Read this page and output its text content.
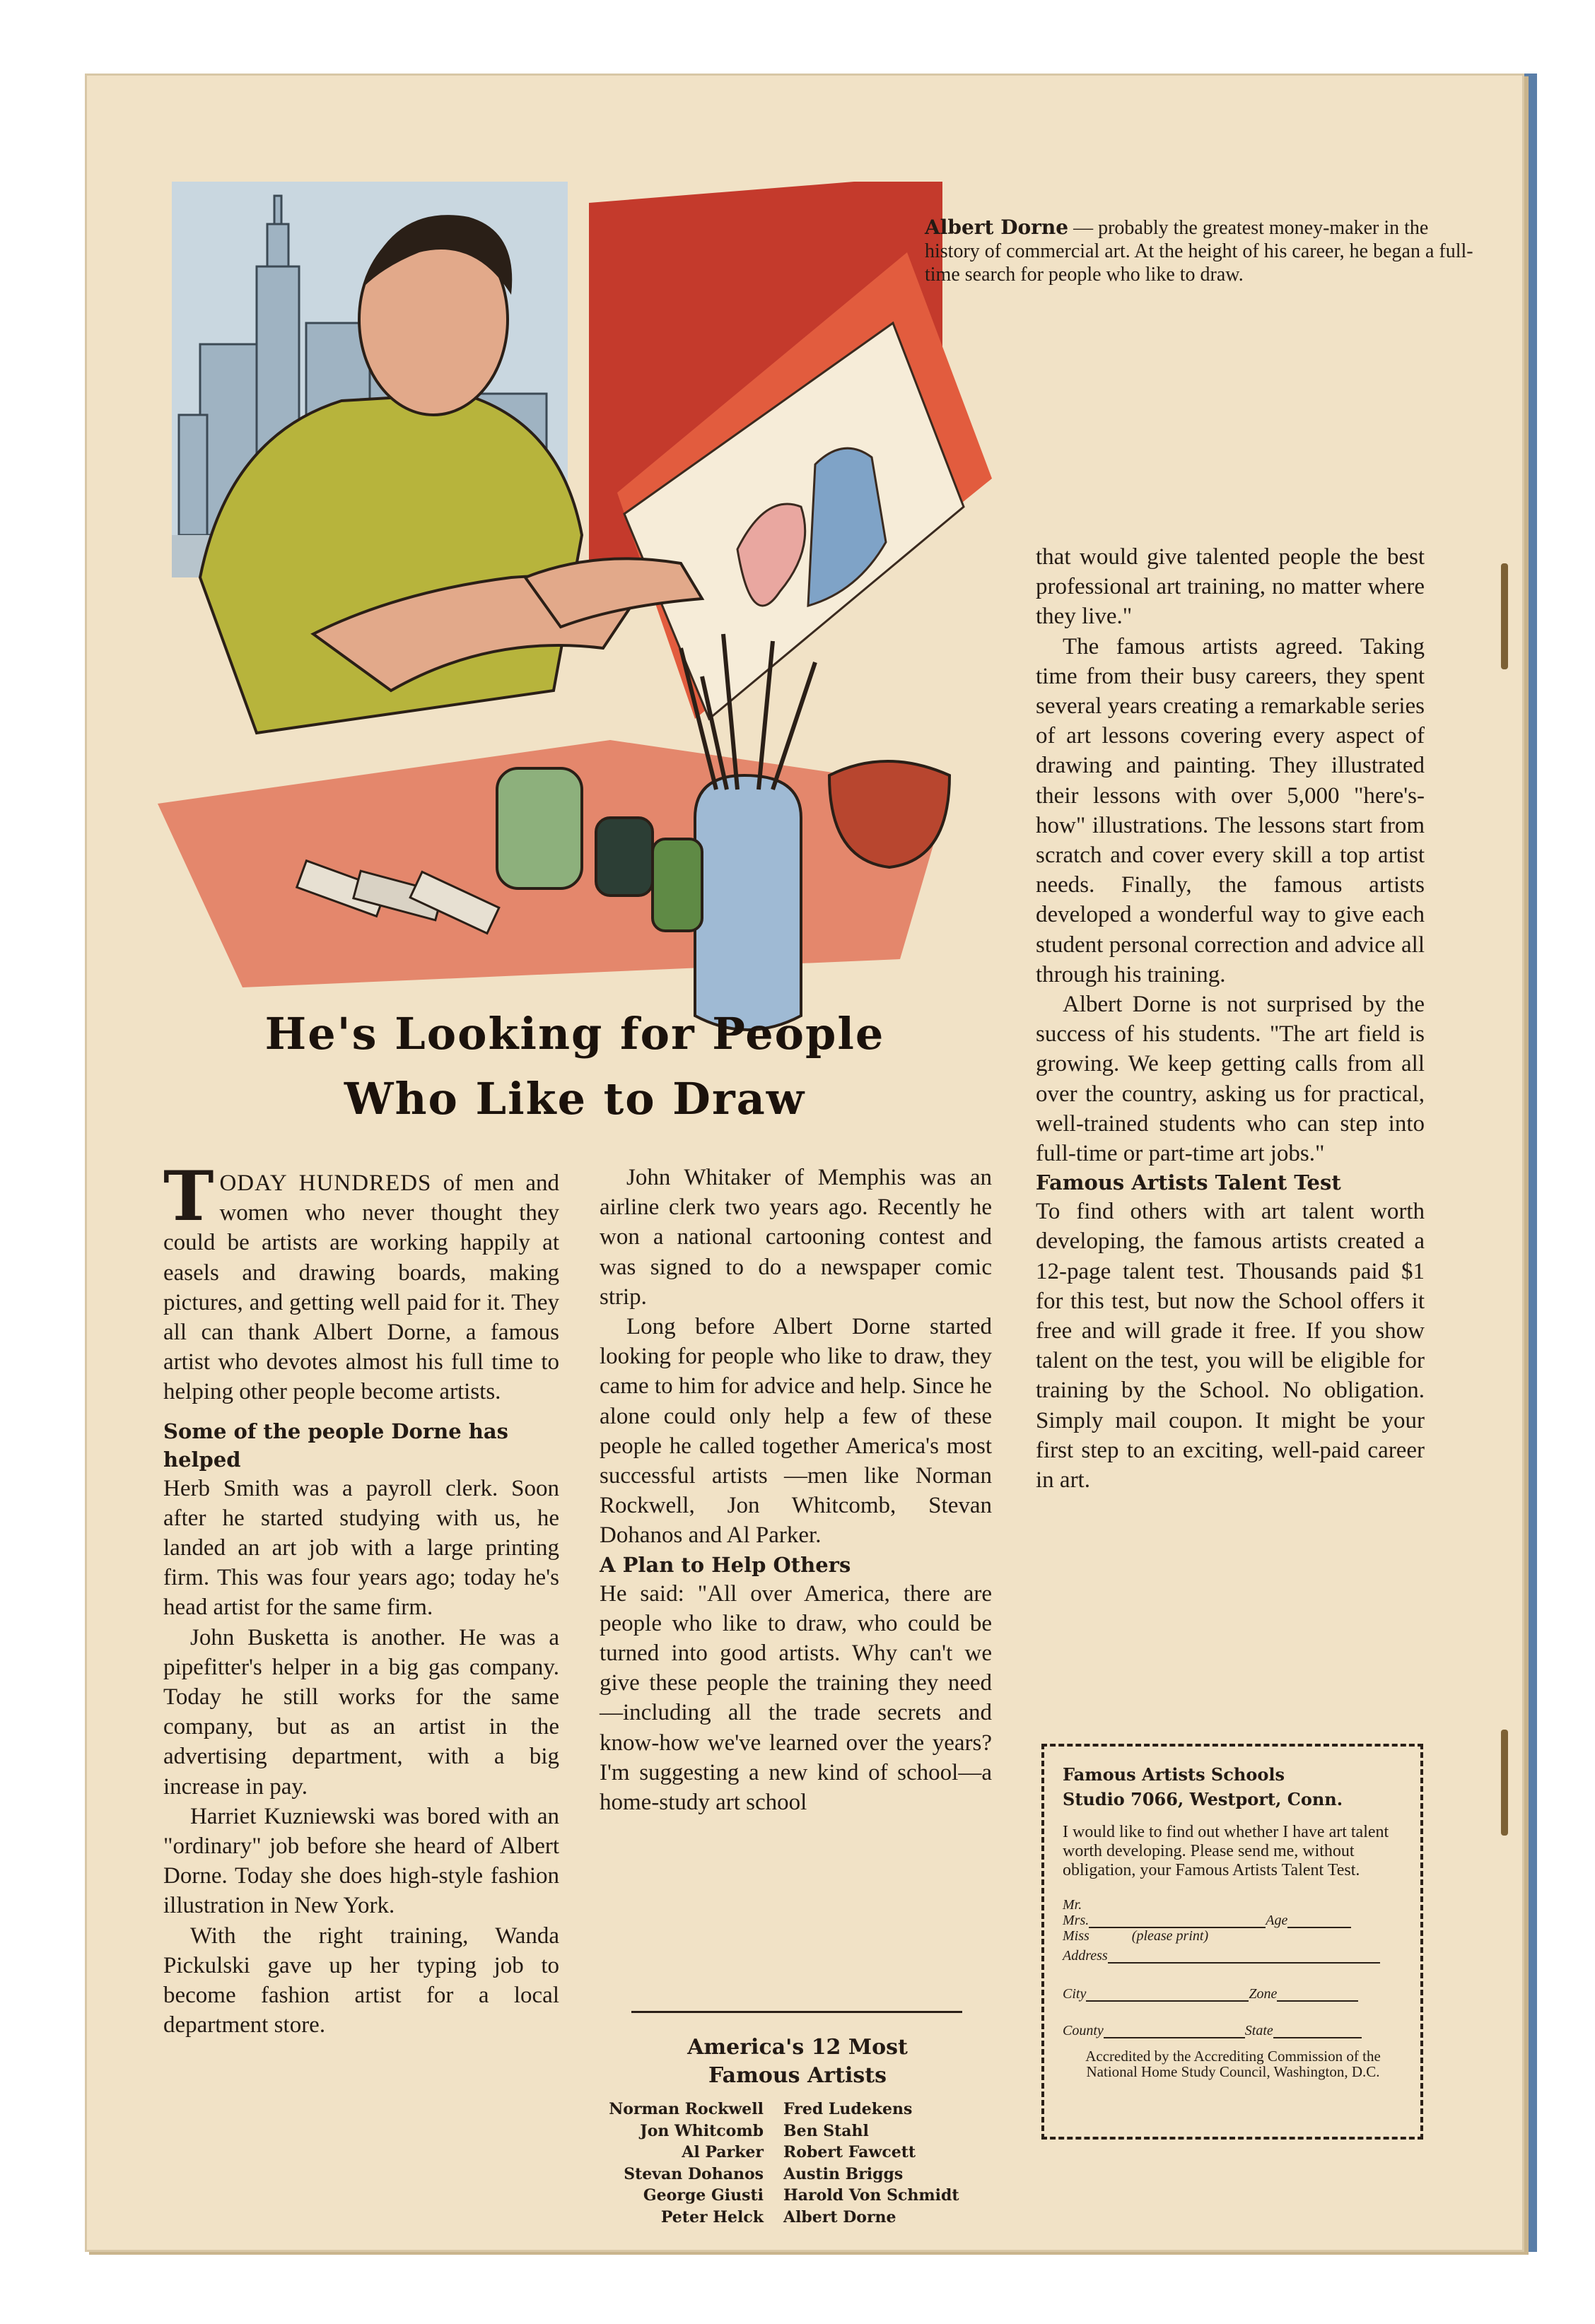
Albert Dorne — probably the greatest money-maker in the history of commercial art. At the height of his career, he began a full-time search for people who like to draw.
He's Looking for People
Who Like to Draw

TODAY HUNDREDS of men and women who never thought they could be artists are working happily at easels and drawing boards, making pictures, and getting well paid for it. They all can thank Albert Dorne, a famous artist who devotes almost his full time to helping other people become artists.

Some of the people Dorne has helped

Herb Smith was a payroll clerk. Soon after he started studying with us, he landed an art job with a large printing firm. This was four years ago; today he's head artist for the same firm.

John Busketta is another. He was a pipefitter's helper in a big gas company. Today he still works for the same company, but as an artist in the advertising department, with a big increase in pay.

Harriet Kuzniewski was bored with an "ordinary" job before she heard of Albert Dorne. Today she does high-style fashion illustration in New York.

With the right training, Wanda Pickulski gave up her typing job to become fashion artist for a local department store.

John Whitaker of Memphis was an airline clerk two years ago. Recently he won a national cartooning contest and was signed to do a newspaper comic strip.

Long before Albert Dorne started looking for people who like to draw, they came to him for advice and help. Since he alone could only help a few of these people he called together America's most successful artists —men like Norman Rockwell, Jon Whitcomb, Stevan Dohanos and Al Parker.

A Plan to Help Others

He said: "All over America, there are people who like to draw, who could be turned into good artists. Why can't we give these people the training they need—including all the trade secrets and know-how we've learned over the years? I'm suggesting a new kind of school—a home-study art school

that would give talented people the best professional art training, no matter where they live."

The famous artists agreed. Taking time from their busy careers, they spent several years creating a remarkable series of art lessons covering every aspect of drawing and painting. They illustrated their lessons with over 5,000 "here's-how" illustrations. The lessons start from scratch and cover every skill a top artist needs. Finally, the famous artists developed a wonderful way to give each student personal correction and advice all through his training.

Albert Dorne is not surprised by the success of his students. "The art field is growing. We keep getting calls from all over the country, asking us for practical, well-trained students who can step into full-time or part-time art jobs."

Famous Artists Talent Test

To find others with art talent worth developing, the famous artists created a 12-page talent test. Thousands paid $1 for this test, but now the School offers it free and will grade it free. If you show talent on the test, you will be eligible for training by the School. No obligation. Simply mail coupon. It might be your first step to an exciting, well-paid career in art.

America's 12 Most
Famous Artists
Norman Rockwell	Fred Ludekens
Jon Whitcomb	Ben Stahl
Al Parker	Robert Fawcett
Stevan Dohanos	Austin Briggs
George Giusti	Harold Von Schmidt
Peter Helck	Albert Dorne
Famous Artists Schools
Studio 7066, Westport, Conn.
I would like to find out whether I have art talent worth developing. Please send me, without obligation, your Famous Artists Talent Test.
Mr.
Mrs.	Age
Miss	(please print)
Address
City	Zone
County	State
Accredited by the Accrediting Commission of the National Home Study Council, Washington, D.C.
